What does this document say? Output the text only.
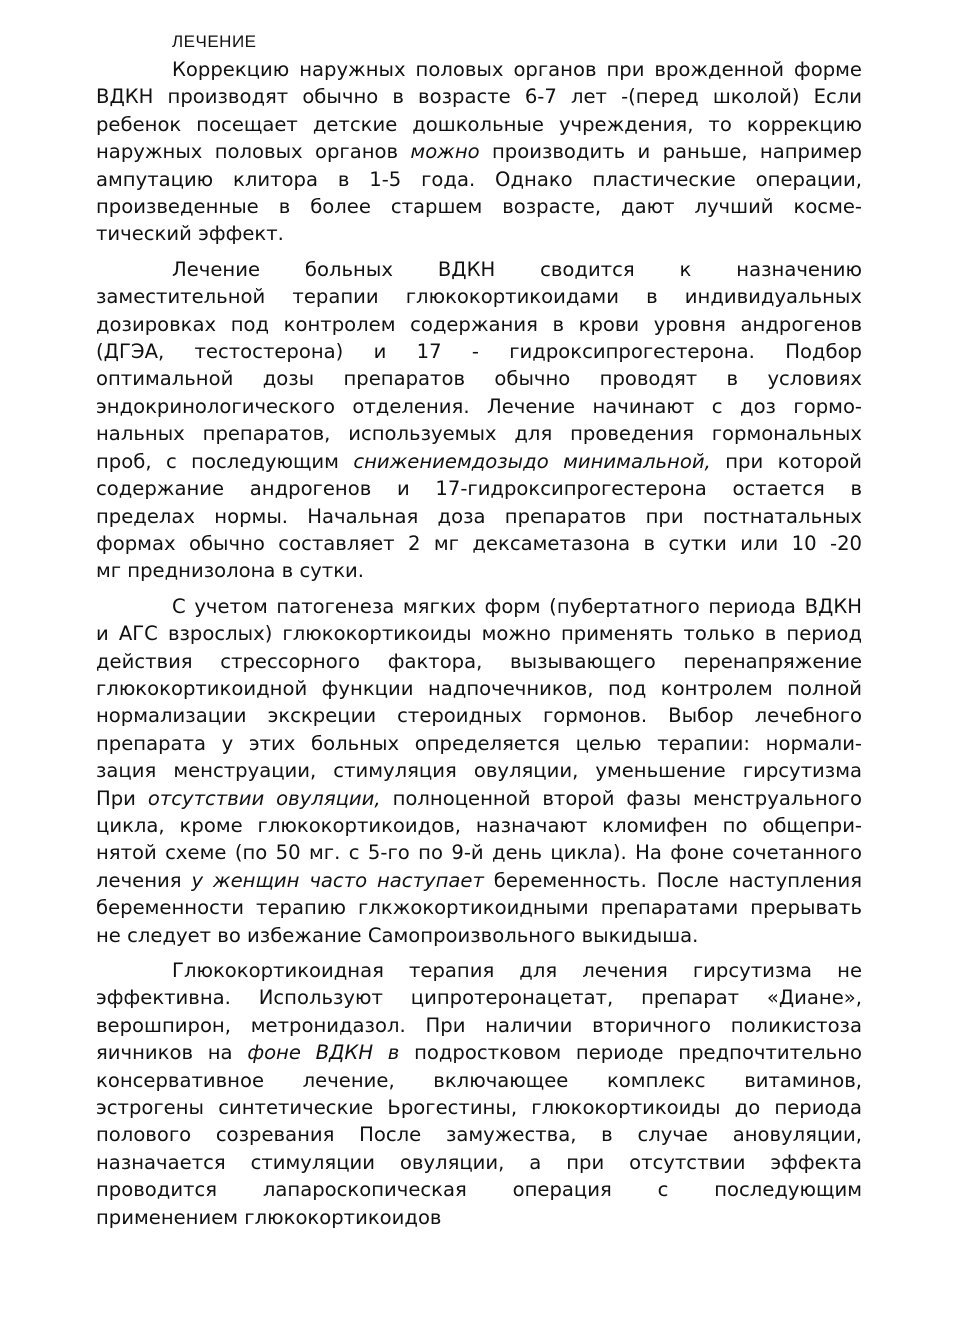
ЛЕЧЕНИЕ
Коррекцию наружных половых органов при врожденной форме
ВДКН производят обычно в возрасте 6-7 лет -(перед школой) Если
ребенок посещает детские дошкольные учреждения, то коррекцию
наружных половых органов можно производить и раньше, например
ампутацию клитора в 1-5 года. Однако пластические операции,
произведенные в более старшем возрасте, дают лучший космe-
тический эффект.
Лечение больных ВДКН сводится к назначению
заместительной терапии глюкокортикоидами в индивидуальных
дозировках под контролем содержания в крови уровня андрогенов
(ДГЭА, тестостерона) и 17 - гидроксипрогестерона. Подбор
оптимальной дозы препаратов обычно проводят в условиях
эндокринологического отделения. Лечение начинают с доз гормо-
нальных препаратов, используемых для проведения гормональных
проб, с последующим снижениемдозыдо минимальной, при которой
содержание андрогенов и 17-гидроксипрогестерона остается в
пределах нормы. Начальная доза препаратов при постнатальных
формах обычно составляет 2 мг дексаметазона в сутки или 10 -20
мг преднизолона в сутки.
С учетом патогенеза мягких форм (пубертатного периода ВДКН
и АГС взрослых) глюкокортикоиды можно применять только в период
действия стрессорного фактора, вызывающего перенапряжение
глюкокортикоидной функции надпочечников, под контролем полной
нормализации экскреции стероидных гормонов. Выбор лечебного
препарата у этих больных определяется целью терапии: нормали-
зация менструации, стимуляция овуляции, уменьшение гирсутизма
При отсутствии овуляции, полноценной второй фазы менструального
цикла, кроме глюкокортикоидов, назначают кломифен по общепри-
нятой схеме (по 50 мг. с 5-го по 9-й день цикла). На фоне сочетанного
лечения у женщин часто наступает беременность. После наступления
беременности терапию глкжокортикоидными препаратами прерывать
не следует во избежание Самопроизвольного выкидыша.
Глюкокортикоидная терапия для лечения гирсутизма не
эффективна. Используют ципротеронацетат, препарат «Диане»,
верошпирон, метронидазол. При наличии вторичного поликистоза
яичников на фоне ВДКН в подростковом периоде предпочтительно
консервативное лечение, включающее комплекс витаминов,
эстрогены синтетические Ьрогестины, глюкокортикоиды до периода
полового созревания После замужества, в случае ановуляции,
назначается стимуляции овуляции, а при отсутствии эффекта
проводится лапароскопическая операция с последующим
применением глюкокортикоидов
